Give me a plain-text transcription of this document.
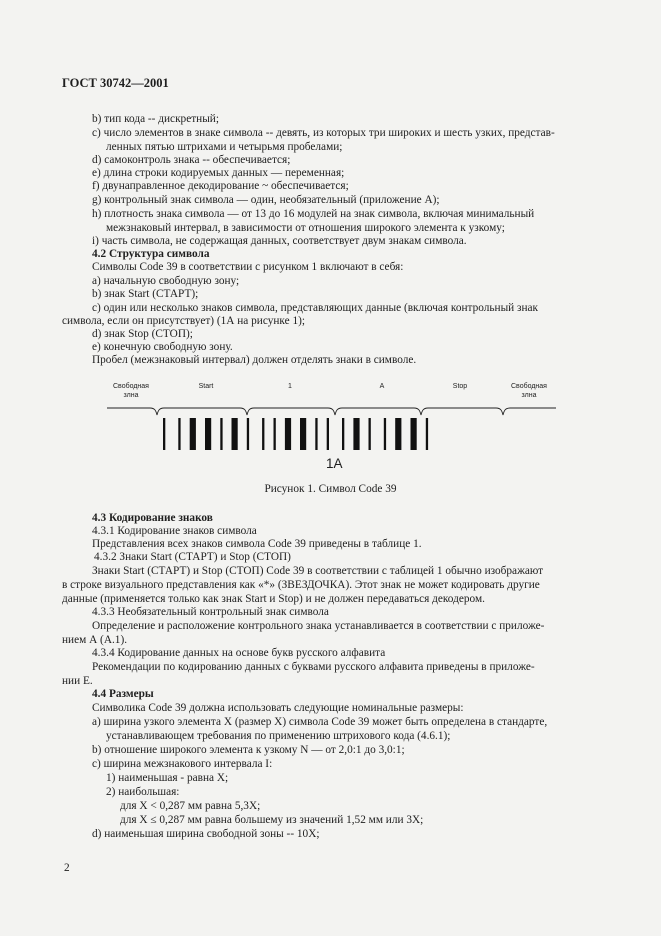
ГОСТ 30742—2001
b) тип кода -- дискретный;
c) число элементов в знаке символа -- девять, из которых три широких и шесть узких, представ-
ленных пятью штрихами и четырьмя пробелами;
d) самоконтроль знака -- обеспечивается;
e) длина строки кодируемых данных — переменная;
f) двунаправленное декодирование ~ обеспечивается;
g) контрольный знак символа — один, необязательный (приложение А);
h) плотность знака символа — от 13 до 16 модулей на знак символа, включая минимальный
межзнаковый интервал, в зависимости от отношения широкого элемента к узкому;
i) часть символа, не содержащая данных, соответствует двум знакам символа.
4.2 Структура символа
Символы Code 39 в соответствии с рисунком 1 включают в себя:
a) начальную свободную зону;
b) знак Start (СТАРТ);
c) один или несколько знаков символа, представляющих данные (включая контрольный знак
символа, если он присутствует) (1А на рисунке 1);
d) знак Stop (СТОП);
e) конечную свободную зону.
Пробел (межзнаковый интервал) должен отделять знаки в символе.
4.3 Кодирование знаков
4.3.1 Кодирование знаков символа
Представления всех знаков символа Code 39 приведены в таблице 1.
4.3.2 Знаки Start (СТАРТ) и Stop (СТОП)
Знаки Start (СТАРТ) и Stop (СТОП) Code 39 в соответствии с таблицей 1 обычно изображают
в строке визуального представления как «*» (ЗВЕЗДОЧКА). Этот знак не может кодировать другие
данные (применяется только как знак Start и Stop) и не должен передаваться декодером.
4.3.3 Необязательный контрольный знак символа
Определение и расположение контрольного знака устанавливается в соответствии с приложе-
нием А (А.1).
4.3.4 Кодирование данных на основе букв русского алфавита
Рекомендации по кодированию данных с буквами русского алфавита приведены в приложе-
нии Е.
4.4 Размеры
Символика Code 39 должна использовать следующие номинальные размеры:
a) ширина узкого элемента X (размер X) символа Code 39 может быть определена в стандарте,
устанавливающем требования по применению штрихового кода (4.6.1);
b) отношение широкого элемента к узкому N — от 2,0:1 до 3,0:1;
c) ширина межзнакового интервала I:
1) наименьшая - равна X;
2) наибольшая:
для X < 0,287 мм равна 5,3X;
для X ≤ 0,287 мм равна большему из значений 1,52 мм или 3X;
d) наименьшая ширина свободной зоны -- 10X;
Свободная
злна
Start	1	А	Stop	Свободная
злна
1А
Рисунок 1. Символ Code 39
2
